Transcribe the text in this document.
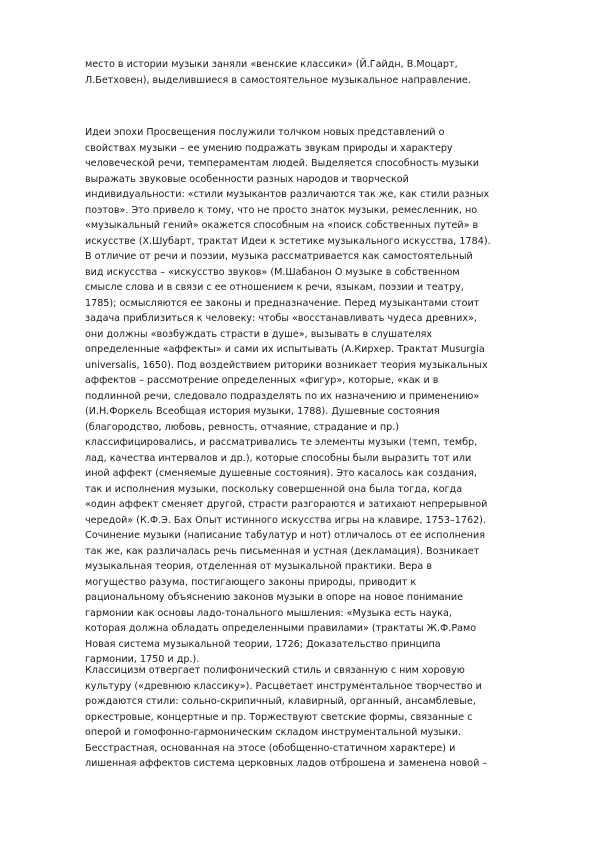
место в истории музыки заняли «венские классики» (Й.Гайдн, В.Моцарт,
Л.Бетховен), выделившиеся в самостоятельное музыкальное направление.

Идеи эпохи Просвещения послужили толчком новых представлений о
свойствах музыки – ее умению подражать звукам природы и характеру
человеческой речи, темпераментам людей. Выделяется способность музыки
выражать звуковые особенности разных народов и творческой
индивидуальности: «стили музыкантов различаются так же, как стили разных
поэтов». Это привело к тому, что не просто знаток музыки, ремесленник, но
«музыкальный гений» окажется способным на «поиск собственных путей» в
искусстве (Х.Шубарт, трактат Идеи к эстетике музыкального искусства, 1784).
В отличие от речи и поэзии, музыка рассматривается как самостоятельный
вид искусства – «искусство звуков» (М.Шабанон О музыке в собственном
смысле слова и в связи с ее отношением к речи, языкам, поэзии и театру,
1785); осмысляются ее законы и предназначение. Перед музыкантами стоит
задача приблизиться к человеку: чтобы «восстанавливать чудеса древних»,
они должны «возбуждать страсти в душе», вызывать в слушателях
определенные «аффекты» и сами их испытывать (А.Кирхер. Трактат Musurgia
universalis, 1650). Под воздействием риторики возникает теория музыкальных
аффектов – рассмотрение определенных «фигур», которые, «как и в
подлинной речи, следовало подразделять по их назначению и применению»
(И.Н.Форкель Всеобщая история музыки, 1788). Душевные состояния
(благородство, любовь, ревность, отчаяние, страдание и пр.)
классифицировались, и рассматривались те элементы музыки (темп, тембр,
лад, качества интервалов и др.), которые способны были выразить тот или
иной аффект (сменяемые душевные состояния). Это касалось как создания,
так и исполнения музыки, поскольку совершенной она была тогда, когда
«один аффект сменяет другой, страсти разгораются и затихают непрерывной
чередой» (К.Ф.Э. Бах Опыт истинного искусства игры на клавире, 1753–1762).
Сочинение музыки (написание табулатур и нот) отличалось от ее исполнения
так же, как различалась речь письменная и устная (декламация). Возникает
музыкальная теория, отделенная от музыкальной практики. Вера в
могущество разума, постигающего законы природы, приводит к
рациональному объяснению законов музыки в опоре на новое понимание
гармонии как основы ладо-тонального мышления: «Музыка есть наука,
которая должна обладать определенными правилами» (трактаты Ж.Ф.Рамо
Новая система музыкальной теории, 1726; Доказательство принципа
гармонии, 1750 и др.).

Классицизм отвергает полифонический стиль и связанную с ним хоровую
культуру («древнюю классику»). Расцветает инструментальное творчество и
рождаются стили: сольно-скрипичный, клавирный, органный, ансамблевые,
оркестровые, концертные и пр. Торжествуют светские формы, связанные с
оперой и гомофонно-гармоническим складом инструментальной музыки.
Бесстрастная, основанная на этосе (обобщенно-статичном характере) и
лишенная аффектов система церковных ладов отброшена и заменена новой –
